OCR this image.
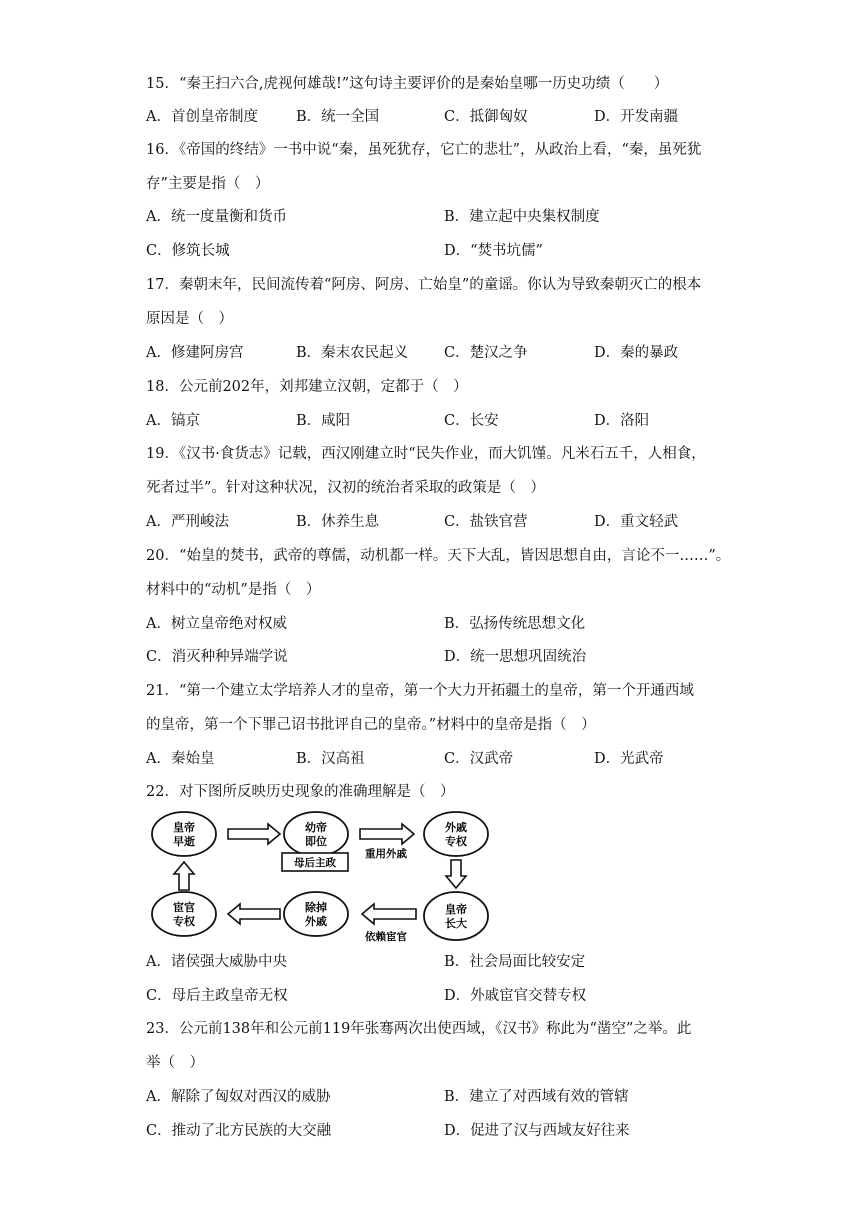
15．“秦王扫六合,虎视何雄哉!”这句诗主要评价的是秦始皇哪一历史功绩（　　）
A．首创皇帝制度	B．统一全国	C．抵御匈奴	D．开发南疆
16．《帝国的终结》一书中说“秦，虽死犹存，它亡的悲壮”，从政治上看，“秦，虽死犹
存”主要是指（　）
A．统一度量衡和货币	B．建立起中央集权制度
C．修筑长城	D．“焚书坑儒”
17．秦朝末年，民间流传着“阿房、阿房、亡始皇”的童谣。你认为导致秦朝灭亡的根本
原因是（　）
A．修建阿房宫	B．秦末农民起义 C．楚汉之争	D．秦的暴政
18．公元前202年，刘邦建立汉朝，定都于（　）
A．镐京	B．咸阳	C．长安	D．洛阳
19．《汉书·食货志》记载，西汉刚建立时“民失作业，而大饥馑。凡米石五千，人相食，
死者过半”。针对这种状况，汉初的统治者采取的政策是（　）
A．严刑峻法	B．休养生息	C．盐铁官营	D．重文轻武
20．“始皇的焚书，武帝的尊儒，动机都一样。天下大乱，皆因思想自由，言论不一……”。
材料中的“动机”是指（　）
A．树立皇帝绝对权威	B．弘扬传统思想文化
C．消灭种种异端学说	D．统一思想巩固统治
21．“第一个建立太学培养人才的皇帝，第一个大力开拓疆土的皇帝，第一个开通西域
的皇帝，第一个下罪己诏书批评自己的皇帝。”材料中的皇帝是指（　）
A．秦始皇	B．汉高祖	C．汉武帝	D．光武帝
22．对下图所反映历史现象的准确理解是（　）
A．诸侯强大威胁中央	B．社会局面比较安定
C．母后主政皇帝无权	D．外戚宦官交替专权
23．公元前138年和公元前119年张骞两次出使西域，《汉书》称此为“凿空”之举。此
举（　）
A．解除了匈奴对西汉的威胁	B．建立了对西域有效的管辖
C．推动了北方民族的大交融	D．促进了汉与西域友好往来
皇帝
早逝
幼帝
即位
外戚
专权
宦官
专权
除掉
外戚
皇帝
长大
母后主政
重用外戚
依赖宦官
